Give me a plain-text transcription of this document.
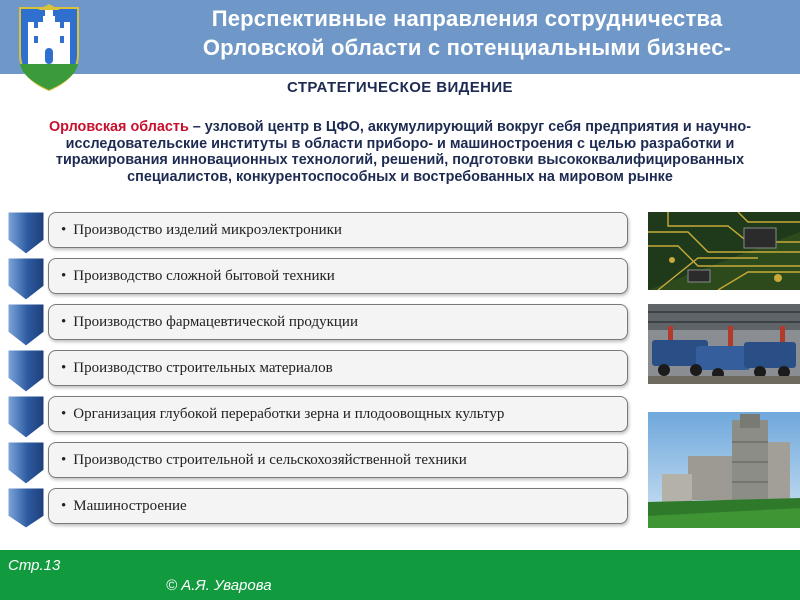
Перспективные направления сотрудничества
Орловской области с потенциальными бизнес-
СТРАТЕГИЧЕСКОЕ ВИДЕНИЕ
Орловская область – узловой центр в ЦФО, аккумулирующий вокруг себя предприятия и научно-исследовательские институты в области приборо- и машиностроения с целью разработки и тиражирования инновационных технологий, решений, подготовки высококвалифицированных специалистов, конкурентоспособных и востребованных на мировом рынке
• Производство изделий микроэлектроники
• Производство сложной бытовой техники
• Производство фармацевтической продукции
• Производство строительных материалов
• Организация глубокой переработки зерна и плодоовощных культур
• Производство строительной и сельскохозяйственной техники
• Машиностроение
Стр.13
© А.Я. Уварова
